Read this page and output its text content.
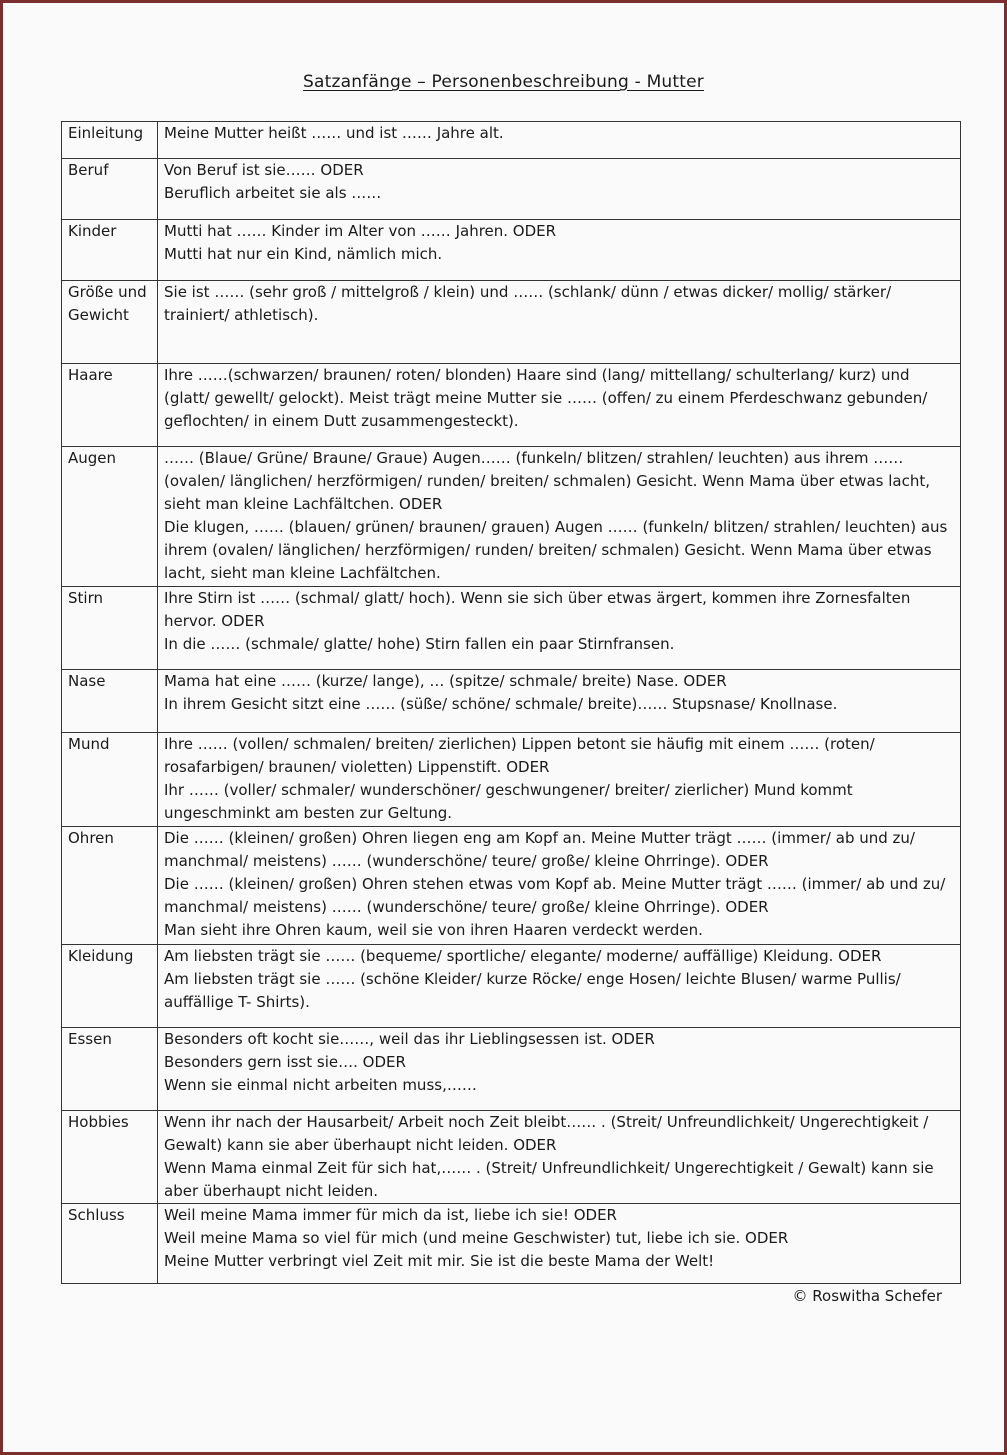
Satzanfänge – Personenbeschreibung - Mutter
Einleitung	Meine Mutter heißt …… und ist …… Jahre alt.

Beruf	Von Beruf ist sie…… ODER
Beruflich arbeitet sie als ……

Kinder	Mutti hat …… Kinder im Alter von …… Jahren. ODER
Mutti hat nur ein Kind, nämlich mich.

Größe und Gewicht	Sie ist …… (sehr groß / mittelgroß / klein) und …… (schlank/ dünn / etwas dicker/ mollig/ stärker/ trainiert/ athletisch).

Haare	Ihre ……(schwarzen/ braunen/ roten/ blonden) Haare sind (lang/ mittellang/ schulterlang/ kurz) und (glatt/ gewellt/ gelockt). Meist trägt meine Mutter sie …… (offen/ zu einem Pferdeschwanz gebunden/ geflochten/ in einem Dutt zusammengesteckt).

Augen	…… (Blaue/ Grüne/ Braune/ Graue) Augen…… (funkeln/ blitzen/ strahlen/ leuchten) aus ihrem …… (ovalen/ länglichen/ herzförmigen/ runden/ breiten/ schmalen) Gesicht. Wenn Mama über etwas lacht, sieht man kleine Lachfältchen. ODER
Die klugen, …… (blauen/ grünen/ braunen/ grauen) Augen …… (funkeln/ blitzen/ strahlen/ leuchten) aus ihrem (ovalen/ länglichen/ herzförmigen/ runden/ breiten/ schmalen) Gesicht. Wenn Mama über etwas lacht, sieht man kleine Lachfältchen.

Stirn	Ihre Stirn ist …… (schmal/ glatt/ hoch). Wenn sie sich über etwas ärgert, kommen ihre Zornesfalten hervor. ODER
In die …… (schmale/ glatte/ hohe) Stirn fallen ein paar Stirnfransen.

Nase	Mama hat eine …… (kurze/ lange), … (spitze/ schmale/ breite) Nase. ODER
In ihrem Gesicht sitzt eine …… (süße/ schöne/ schmale/ breite)…… Stupsnase/ Knollnase.

Mund	Ihre …… (vollen/ schmalen/ breiten/ zierlichen) Lippen betont sie häufig mit einem …… (roten/ rosafarbigen/ braunen/ violetten) Lippenstift. ODER
Ihr …… (voller/ schmaler/ wunderschöner/ geschwungener/ breiter/ zierlicher) Mund kommt ungeschminkt am besten zur Geltung.

Ohren	Die …… (kleinen/ großen) Ohren liegen eng am Kopf an. Meine Mutter trägt …… (immer/ ab und zu/ manchmal/ meistens) …… (wunderschöne/ teure/ große/ kleine Ohrringe). ODER
Die …… (kleinen/ großen) Ohren stehen etwas vom Kopf ab. Meine Mutter trägt …… (immer/ ab und zu/ manchmal/ meistens) …… (wunderschöne/ teure/ große/ kleine Ohrringe). ODER
Man sieht ihre Ohren kaum, weil sie von ihren Haaren verdeckt werden.

Kleidung	Am liebsten trägt sie …… (bequeme/ sportliche/ elegante/ moderne/ auffällige) Kleidung. ODER
Am liebsten trägt sie …… (schöne Kleider/ kurze Röcke/ enge Hosen/ leichte Blusen/ warme Pullis/ auffällige T- Shirts).

Essen	Besonders oft kocht sie……, weil das ihr Lieblingsessen ist. ODER
Besonders gern isst sie…. ODER
Wenn sie einmal nicht arbeiten muss,……

Hobbies	Wenn ihr nach der Hausarbeit/ Arbeit noch Zeit bleibt…… . (Streit/ Unfreundlichkeit/ Ungerechtigkeit / Gewalt) kann sie aber überhaupt nicht leiden. ODER
Wenn Mama einmal Zeit für sich hat,…… . (Streit/ Unfreundlichkeit/ Ungerechtigkeit / Gewalt) kann sie aber überhaupt nicht leiden.

Schluss	Weil meine Mama immer für mich da ist, liebe ich sie! ODER
Weil meine Mama so viel für mich (und meine Geschwister) tut, liebe ich sie. ODER
Meine Mutter verbringt viel Zeit mit mir. Sie ist die beste Mama der Welt!
© Roswitha Schefer
